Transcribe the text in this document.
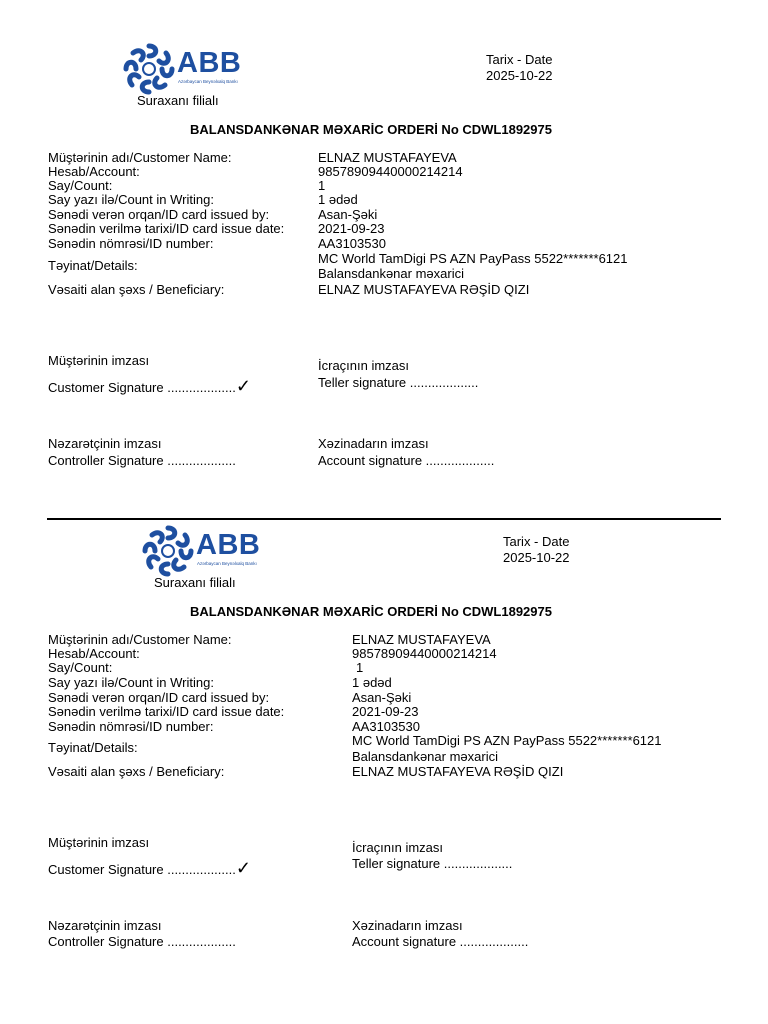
ABB
Azərbaycan Beynəlxalq Bankı
Suraxanı filialı
Tarix - Date
2025-10-22
BALANSDANKƏNAR MƏXARİC ORDERİ No CDWL1892975
Müştərinin adı/Customer Name:	ELNAZ MUSTAFAYEVA
Hesab/Account:	98578909440000214214
Say/Count:	1
Say yazı ilə/Count in Writing:	1 ədəd
Sənədi verən orqan/ID card issued by:	Asan-Şəki
Sənədin verilmə tarixi/ID card issue date:	2021-09-23
Sənədin nömrəsi/ID number:	AA3103530
Təyinat/Details:	MC World TamDigi PS AZN PayPass 5522*******6121
Balansdankənar məxarici
Vəsaiti alan şəxs / Beneficiary:	ELNAZ MUSTAFAYEVA RƏŞİD QIZI
Müştərinin imzası
Customer Signature ...................✓
İcraçının imzası
Teller signature ...................
Nəzarətçinin imzası
Controller Signature ...................
Xəzinadarın imzası
Account signature ...................
ABB
Azərbaycan Beynəlxalq Bankı
Suraxanı filialı
Tarix - Date
2025-10-22
BALANSDANKƏNAR MƏXARİC ORDERİ No CDWL1892975
Müştərinin adı/Customer Name:	ELNAZ MUSTAFAYEVA
Hesab/Account:	98578909440000214214
Say/Count:	1
Say yazı ilə/Count in Writing:	1 ədəd
Sənədi verən orqan/ID card issued by:	Asan-Şəki
Sənədin verilmə tarixi/ID card issue date:	2021-09-23
Sənədin nömrəsi/ID number:	AA3103530
Təyinat/Details:	MC World TamDigi PS AZN PayPass 5522*******6121
Balansdankənar məxarici
Vəsaiti alan şəxs / Beneficiary:	ELNAZ MUSTAFAYEVA RƏŞİD QIZI
Müştərinin imzası
Customer Signature ...................✓
İcraçının imzası
Teller signature ...................
Nəzarətçinin imzası
Controller Signature ...................
Xəzinadarın imzası
Account signature ...................
